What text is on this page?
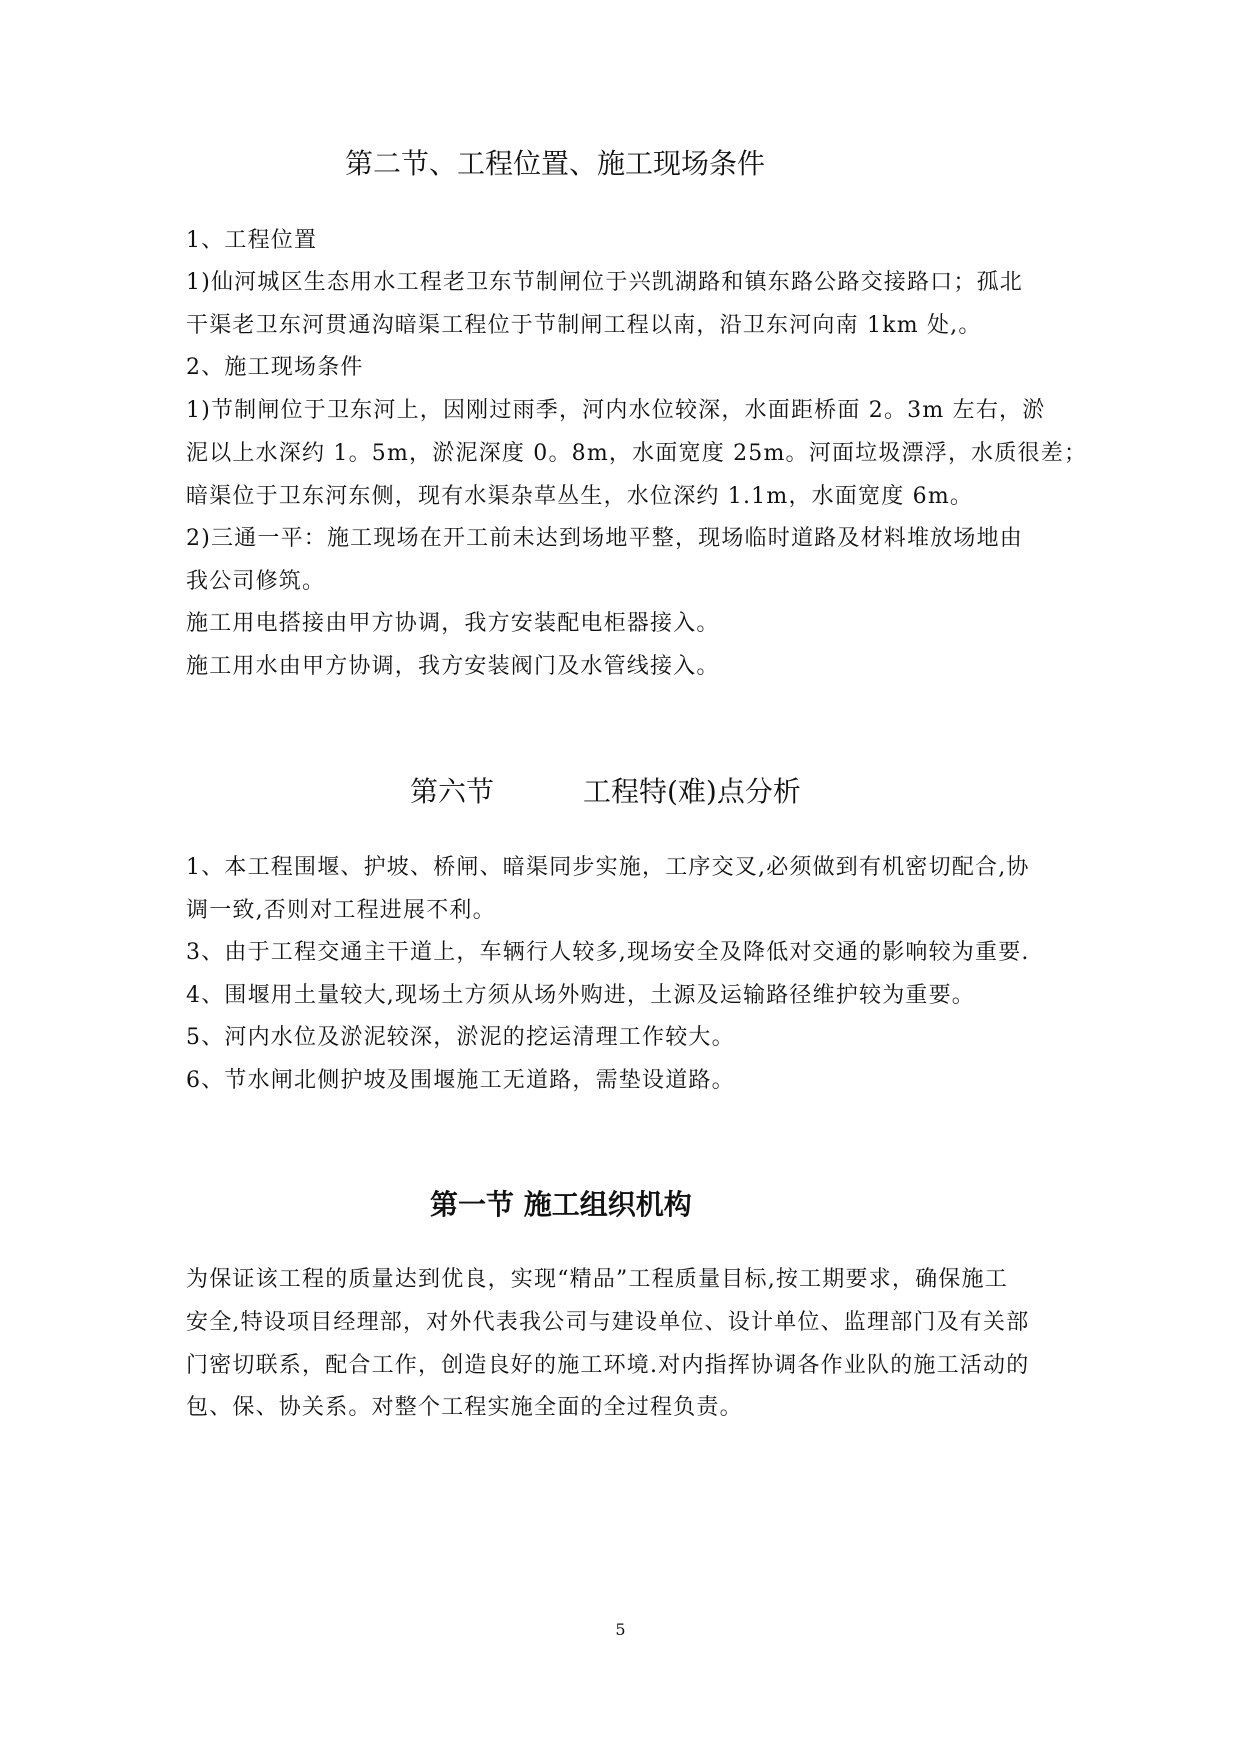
第二节、工程位置、施工现场条件
1、工程位置
1)仙河城区生态用水工程老卫东节制闸位于兴凯湖路和镇东路公路交接路口；孤北
干渠老卫东河贯通沟暗渠工程位于节制闸工程以南，沿卫东河向南 1km 处,。
2、施工现场条件
1)节制闸位于卫东河上，因刚过雨季，河内水位较深，水面距桥面 2。3m 左右，淤
泥以上水深约 1。5m，淤泥深度 0。8m，水面宽度 25m。河面垃圾漂浮，水质很差；
暗渠位于卫东河东侧，现有水渠杂草丛生，水位深约 1.1m，水面宽度 6m。
2)三通一平：施工现场在开工前未达到场地平整，现场临时道路及材料堆放场地由
我公司修筑。
施工用电搭接由甲方协调，我方安装配电柜器接入。
施工用水由甲方协调，我方安装阀门及水管线接入。
第六节          工程特(难)点分析
1、本工程围堰、护坡、桥闸、暗渠同步实施，工序交叉,必须做到有机密切配合,协
调一致,否则对工程进展不利。
3、由于工程交通主干道上，车辆行人较多,现场安全及降低对交通的影响较为重要.
4、围堰用土量较大,现场土方须从场外购进，土源及运输路径维护较为重要。
5、河内水位及淤泥较深，淤泥的挖运清理工作较大。
6、节水闸北侧护坡及围堰施工无道路，需垫设道路。
第一节 施工组织机构
为保证该工程的质量达到优良，实现“精品”工程质量目标,按工期要求，确保施工
安全,特设项目经理部，对外代表我公司与建设单位、设计单位、监理部门及有关部
门密切联系，配合工作，创造良好的施工环境.对内指挥协调各作业队的施工活动的
包、保、协关系。对整个工程实施全面的全过程负责。
5
